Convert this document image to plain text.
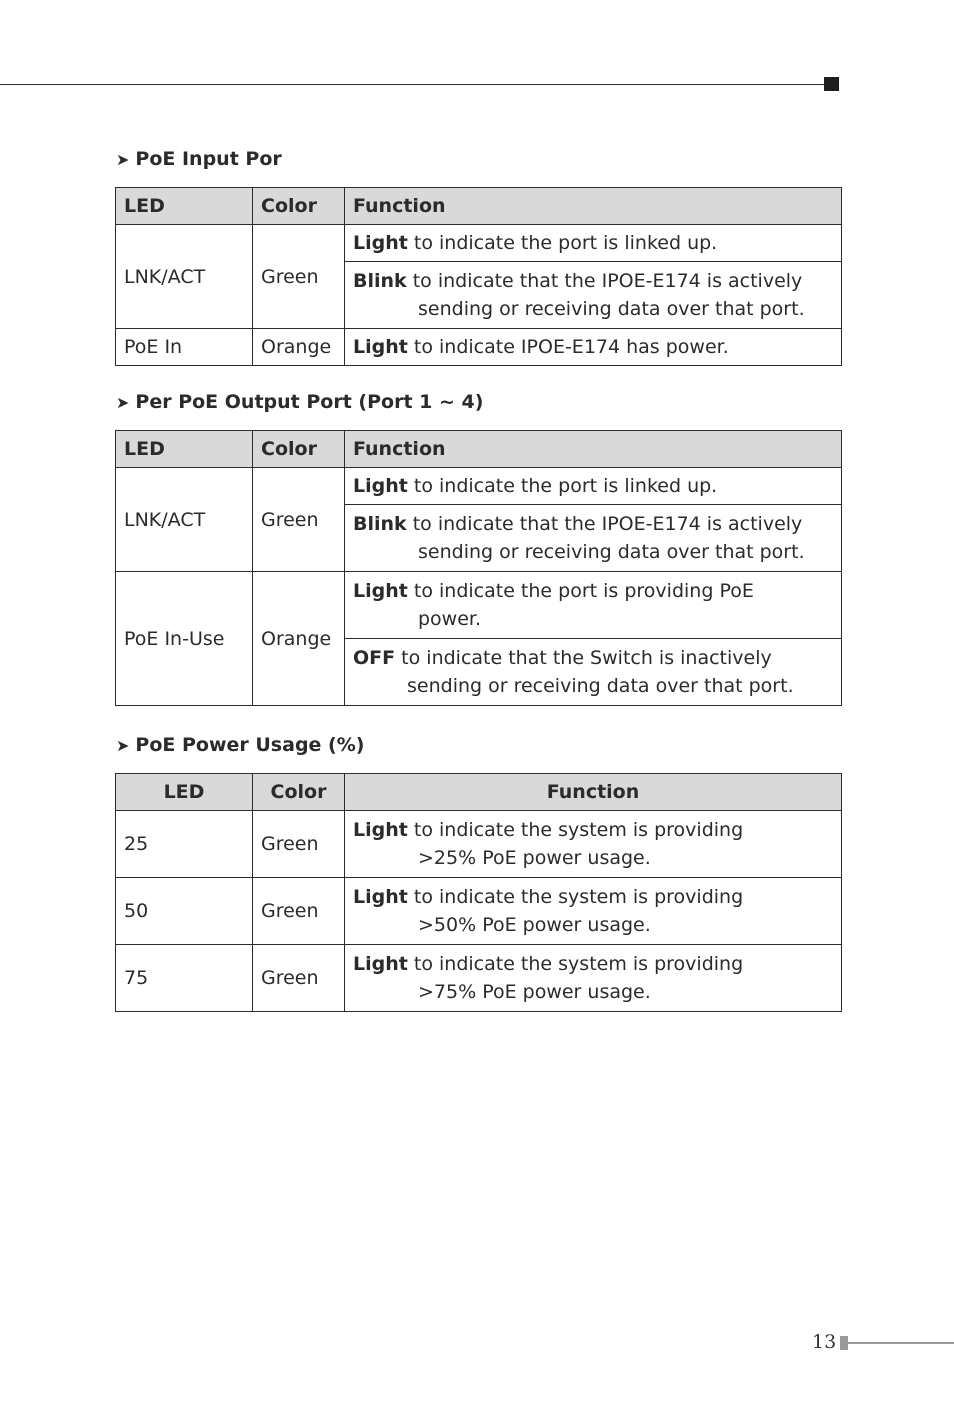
➤ PoE Input Por
LED	Color	Function
LNK/ACT	Green	Light to indicate the port is linked up.

		Blink to indicate that the IPOE-E174 is actively
sending or receiving data over that port.

PoE In	Orange	Light to indicate IPOE-E174 has power.
➤ Per PoE Output Port (Port 1 ~ 4)
LED	Color	Function
LNK/ACT	Green	Light to indicate the port is linked up.

		Blink to indicate that the IPOE-E174 is actively
sending or receiving data over that port.

PoE In-Use	Orange	Light to indicate the port is providing PoE
power.

		OFF to indicate that the Switch is inactively
sending or receiving data over that port.
➤ PoE Power Usage (%)
LED	Color	Function
25	Green	Light to indicate the system is providing
>25% PoE power usage.

50	Green	Light to indicate the system is providing
>50% PoE power usage.

75	Green	Light to indicate the system is providing
>75% PoE power usage.
13
